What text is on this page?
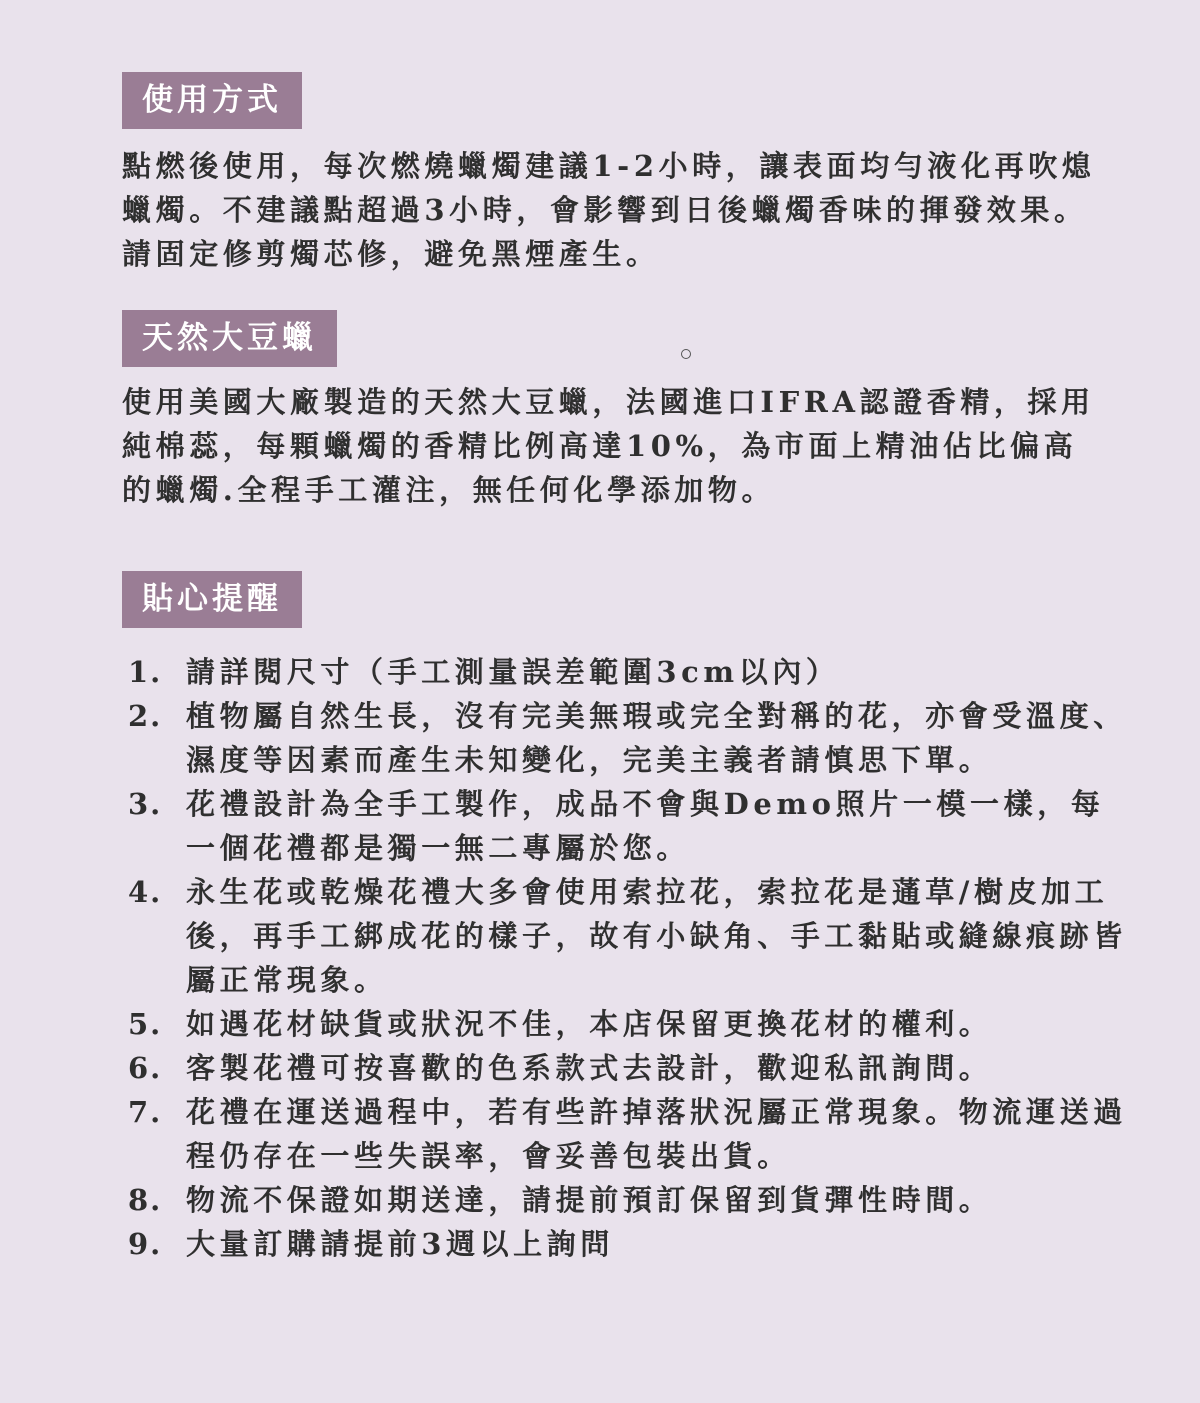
使用方式

點燃後使用，每次燃燒蠟燭建議1-2小時，讓表面均勻液化再吹熄蠟燭。不建議點超過3小時，會影響到日後蠟燭香味的揮發效果。請固定修剪燭芯修，避免黑煙產生。

天然大豆蠟

使用美國大廠製造的天然大豆蠟，法國進口IFRA認證香精，採用純棉蕊，每顆蠟燭的香精比例高達10%，為市面上精油佔比偏高的蠟燭.全程手工灌注，無任何化學添加物。

貼心提醒
1. 請詳閱尺寸（手工測量誤差範圍3cm以內）
2. 植物屬自然生長，沒有完美無瑕或完全對稱的花，亦會受溫度、濕度等因素而產生未知變化，完美主義者請慎思下單。
3. 花禮設計為全手工製作，成品不會與Demo照片一模一樣，每一個花禮都是獨一無二專屬於您。
4. 永生花或乾燥花禮大多會使用索拉花，索拉花是蓪草/樹皮加工後，再手工綁成花的樣子，故有小缺角、手工黏貼或縫線痕跡皆屬正常現象。
5. 如遇花材缺貨或狀況不佳，本店保留更換花材的權利。
6. 客製花禮可按喜歡的色系款式去設計，歡迎私訊詢問。
7. 花禮在運送過程中，若有些許掉落狀況屬正常現象。物流運送過程仍存在一些失誤率，會妥善包裝出貨。
8. 物流不保證如期送達，請提前預訂保留到貨彈性時間。
9. 大量訂購請提前3週以上詢問
